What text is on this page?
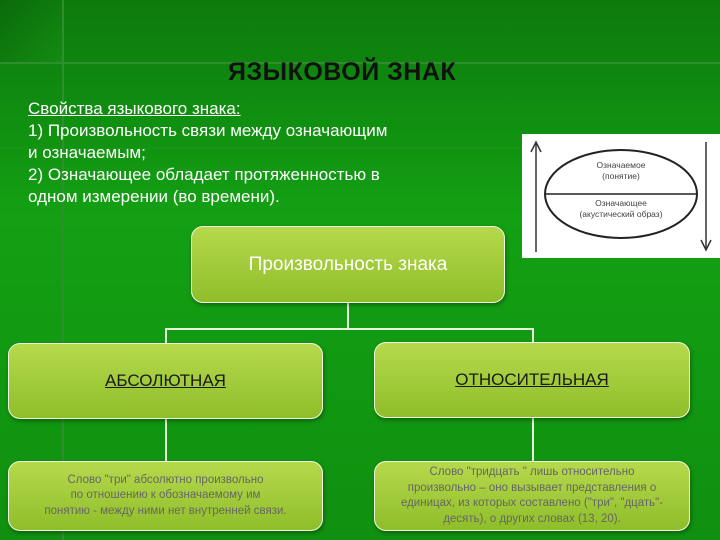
ЯЗЫКОВОЙ ЗНАК
Свойства языкового знака:
1) Произвольность связи между означающим
и означаемым;
2) Означающее обладает протяженностью в
одном измерении (во времени).
Означаемое
(понятие)
Означающее
(акустический образ)
Произвольность знака
АБСОЛЮТНАЯ	ОТНОСИТЕЛЬНАЯ
Слово "три" абсолютно произвольно
по отношению к обозначаемому им
понятию - между ними нет внутренней связи.
Слово "тридцать " лишь относительно
произвольно – оно вызывает представления о
единицах, из которых составлено ("три", "дцать"-
десять), о других словах (13, 20).
